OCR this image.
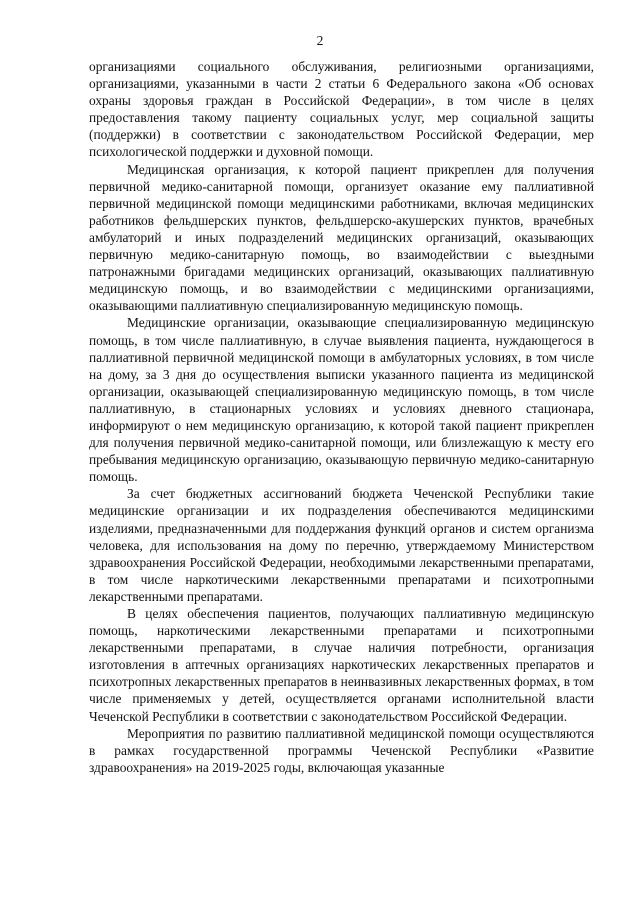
2

организациями социального обслуживания, религиозными организациями, организациями, указанными в части 2 статьи 6 Федерального закона «Об основах охраны здоровья граждан в Российской Федерации», в том числе в целях предоставления такому пациенту социальных услуг, мер социальной защиты (поддержки) в соответствии с законодательством Российской Федерации, мер психологической поддержки и духовной помощи.

Медицинская организация, к которой пациент прикреплен для получения первичной медико-санитарной помощи, организует оказание ему паллиативной первичной медицинской помощи медицинскими работниками, включая медицинских работников фельдшерских пунктов, фельдшерско-акушерских пунктов, врачебных амбулаторий и иных подразделений медицинских организаций, оказывающих первичную медико-санитарную помощь, во взаимодействии с выездными патронажными бригадами медицинских организаций, оказывающих паллиативную медицинскую помощь, и во взаимодействии с медицинскими организациями, оказывающими паллиативную специализированную медицинскую помощь.

Медицинские организации, оказывающие специализированную медицинскую помощь, в том числе паллиативную, в случае выявления пациента, нуждающегося в паллиативной первичной медицинской помощи в амбулаторных условиях, в том числе на дому, за 3 дня до осуществления выписки указанного пациента из медицинской организации, оказывающей специализированную медицинскую помощь, в том числе паллиативную, в стационарных условиях и условиях дневного стационара, информируют о нем медицинскую организацию, к которой такой пациент прикреплен для получения первичной медико-санитарной помощи, или близлежащую к месту его пребывания медицинскую организацию, оказывающую первичную медико-санитарную помощь.

За счет бюджетных ассигнований бюджета Чеченской Республики такие медицинские организации и их подразделения обеспечиваются медицинскими изделиями, предназначенными для поддержания функций органов и систем организма человека, для использования на дому по перечню, утверждаемому Министерством здравоохранения Российской Федерации, необходимыми лекарственными препаратами, в том числе наркотическими лекарственными препаратами и психотропными лекарственными препаратами.

В целях обеспечения пациентов, получающих паллиативную медицинскую помощь, наркотическими лекарственными препаратами и психотропными лекарственными препаратами, в случае наличия потребности, организация изготовления в аптечных организациях наркотических лекарственных препаратов и психотропных лекарственных препаратов в неинвазивных лекарственных формах, в том числе применяемых у детей, осуществляется органами исполнительной власти Чеченской Республики в соответствии с законодательством Российской Федерации.

Мероприятия по развитию паллиативной медицинской помощи осуществляются в рамках государственной программы Чеченской Республики «Развитие здравоохранения» на 2019-2025 годы, включающая указанные
